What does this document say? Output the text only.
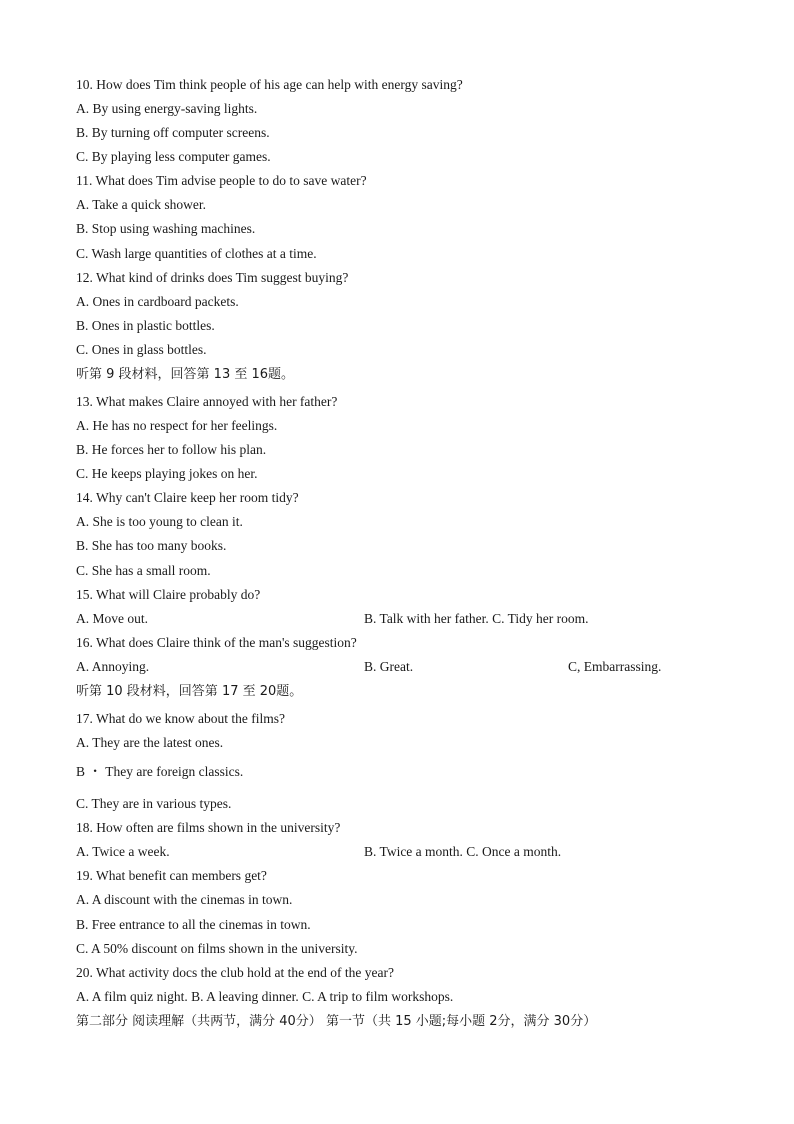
10. How does Tim think people of his age can help with energy saving?
A. By using energy-saving lights.
B. By turning off computer screens.
C. By playing less computer games.
11. What does Tim advise people to do to save water?
A. Take a quick shower.
B. Stop using washing machines.
C. Wash large quantities of clothes at a time.
12. What kind of drinks does Tim suggest buying?
A. Ones in cardboard packets.
B. Ones in plastic bottles.
C. Ones in glass bottles.
听第 9 段材料，回答第 13 至 16题。
13. What makes Claire annoyed with her father?
A. He has no respect for her feelings.
B. He forces her to follow his plan.
C. He keeps playing jokes on her.
14. Why can't Claire keep her room tidy?
A. She is too young to clean it.
B. She has too many books.
C. She has a small room.
15. What will Claire probably do?
A. Move out.	B. Talk with her father. C. Tidy her room.
16. What does Claire think of the man's suggestion?
A. Annoying.	B. Great.	C, Embarrassing.
听第 10 段材料，回答第 17 至 20题。
17. What do we know about the films?
A. They are the latest ones.
B ・ They are foreign classics.
C. They are in various types.
18. How often are films shown in the university?
A. Twice a week.	B. Twice a month. C. Once a month.
19. What benefit can members get?
A. A discount with the cinemas in town.
B. Free entrance to all the cinemas in town.
C. A 50% discount on films shown in the university.
20. What activity docs the club hold at the end of the year?
A. A film quiz night. B. A leaving dinner. C. A trip to film workshops.
第二部分 阅读理解（共两节，满分 40分） 第一节（共 15 小题;每小题 2分，满分 30分）
